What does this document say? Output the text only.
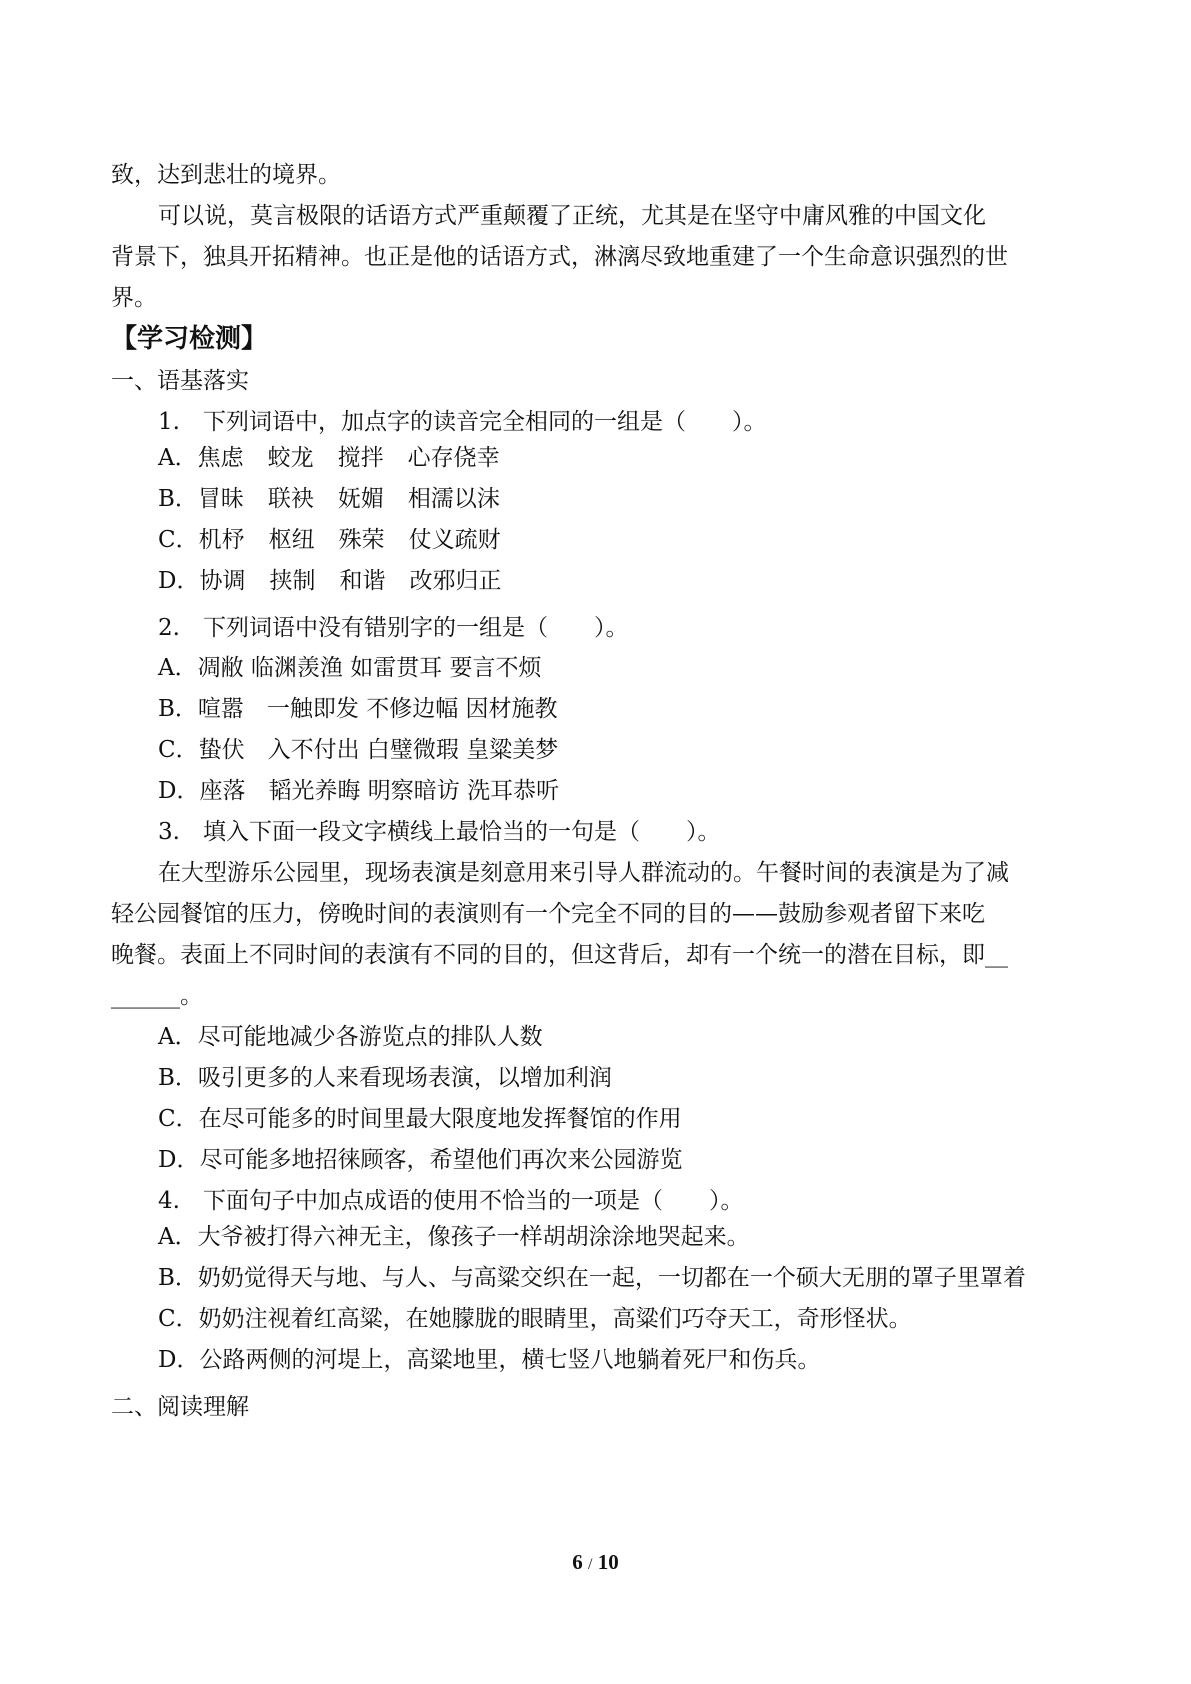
致，达到悲壮的境界。
可以说，莫言极限的话语方式严重颠覆了正统，尤其是在坚守中庸风雅的中国文化
背景下，独具开拓精神。也正是他的话语方式，淋漓尽致地重建了一个生命意识强烈的世
界。
【学习检测】
一、语基落实
1.　下列词语中，加点字的读音完全相同的一组是（　　）。
A．焦虑 蛟龙 搅拌 心存侥幸
B．冒昧 联袂 妩媚 相濡以沫
C．机杼 枢纽 殊荣 仗义疏财
D．协调 挟制 和谐 改邪归正
2.　下列词语中没有错别字的一组是（　　）。
A．凋敝 临渊羡渔 如雷贯耳 要言不烦
B．喧嚣　一触即发 不修边幅 因材施教
C．蛰伏　入不付出 白璧微瑕 皇粱美梦
D．座落　韬光养晦 明察暗访 洗耳恭听
3.　填入下面一段文字横线上最恰当的一句是（　　）。
在大型游乐公园里，现场表演是刻意用来引导人群流动的。午餐时间的表演是为了减
轻公园餐馆的压力，傍晚时间的表演则有一个完全不同的目的——鼓励参观者留下来吃
晚餐。表面上不同时间的表演有不同的目的，但这背后，却有一个统一的潜在目标，即__
______。
A．尽可能地减少各游览点的排队人数
B．吸引更多的人来看现场表演，以增加利润
C．在尽可能多的时间里最大限度地发挥餐馆的作用
D．尽可能多地招徕顾客，希望他们再次来公园游览
4.　下面句子中加点成语的使用不恰当的一项是（　　）。
A．大爷被打得六神无主，像孩子一样胡胡涂涂地哭起来。
B．奶奶觉得天与地、与人、与高粱交织在一起，一切都在一个硕大无朋的罩子里罩着
C．奶奶注视着红高粱，在她朦胧的眼睛里，高粱们巧夺天工，奇形怪状。
D．公路两侧的河堤上，高粱地里，横七竖八地躺着死尸和伤兵。
二、阅读理解
6 / 10
